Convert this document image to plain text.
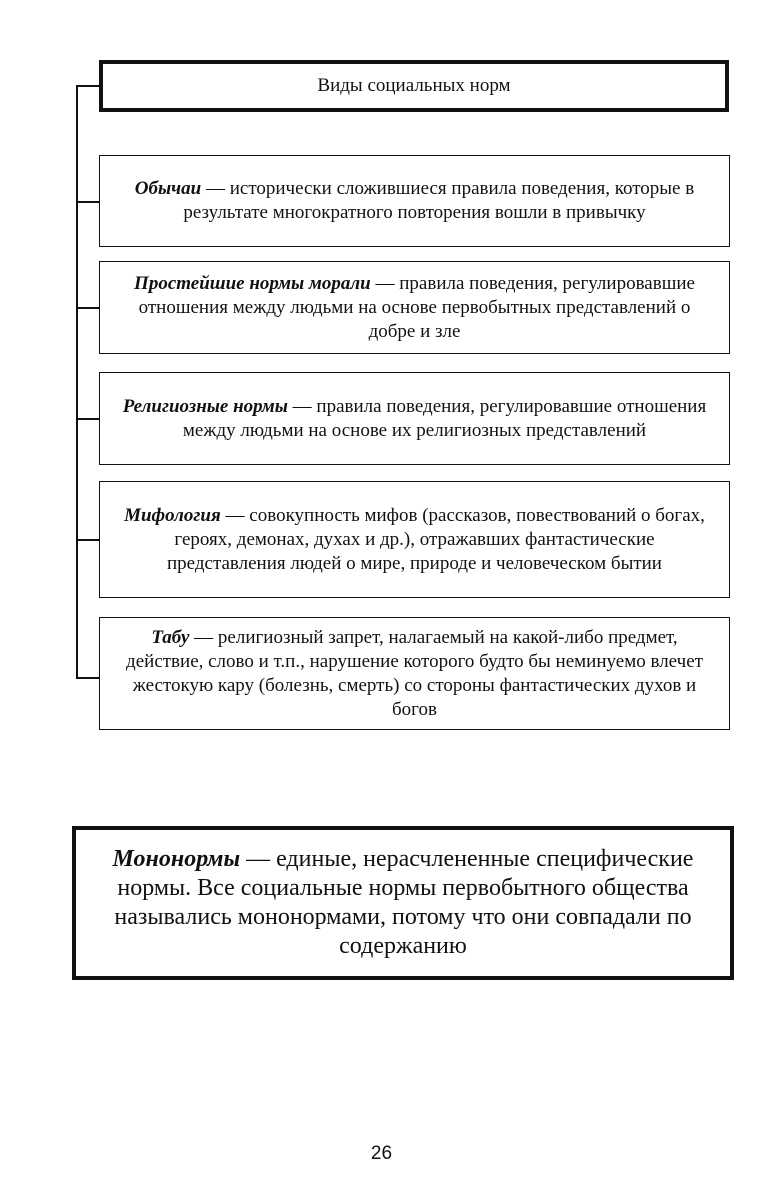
Виды социальных норм
Обычаи — исторически сложившиеся правила поведения, которые в результате многократного повторения вошли в привычку
Простейшие нормы морали — правила поведения, регулировавшие отношения между людьми на основе первобытных представлений о добре и зле
Религиозные нормы — правила поведения, регулировавшие отношения между людьми на основе их религиозных представлений
Мифология — совокупность мифов (рассказов, повествований о богах, героях, демонах, духах и др.), отражавших фантастические представления людей о мире, природе и человеческом бытии
Табу — религиозный запрет, налагаемый на какой-либо предмет, действие, слово и т.п., нарушение которого будто бы неминуемо влечет жестокую кару (болезнь, смерть) со стороны фантастических духов и богов
Мононормы — единые, нерасчлененные специфические нормы. Все социальные нормы первобытного общества назывались мононормами, потому что они совпадали по содержанию
26
